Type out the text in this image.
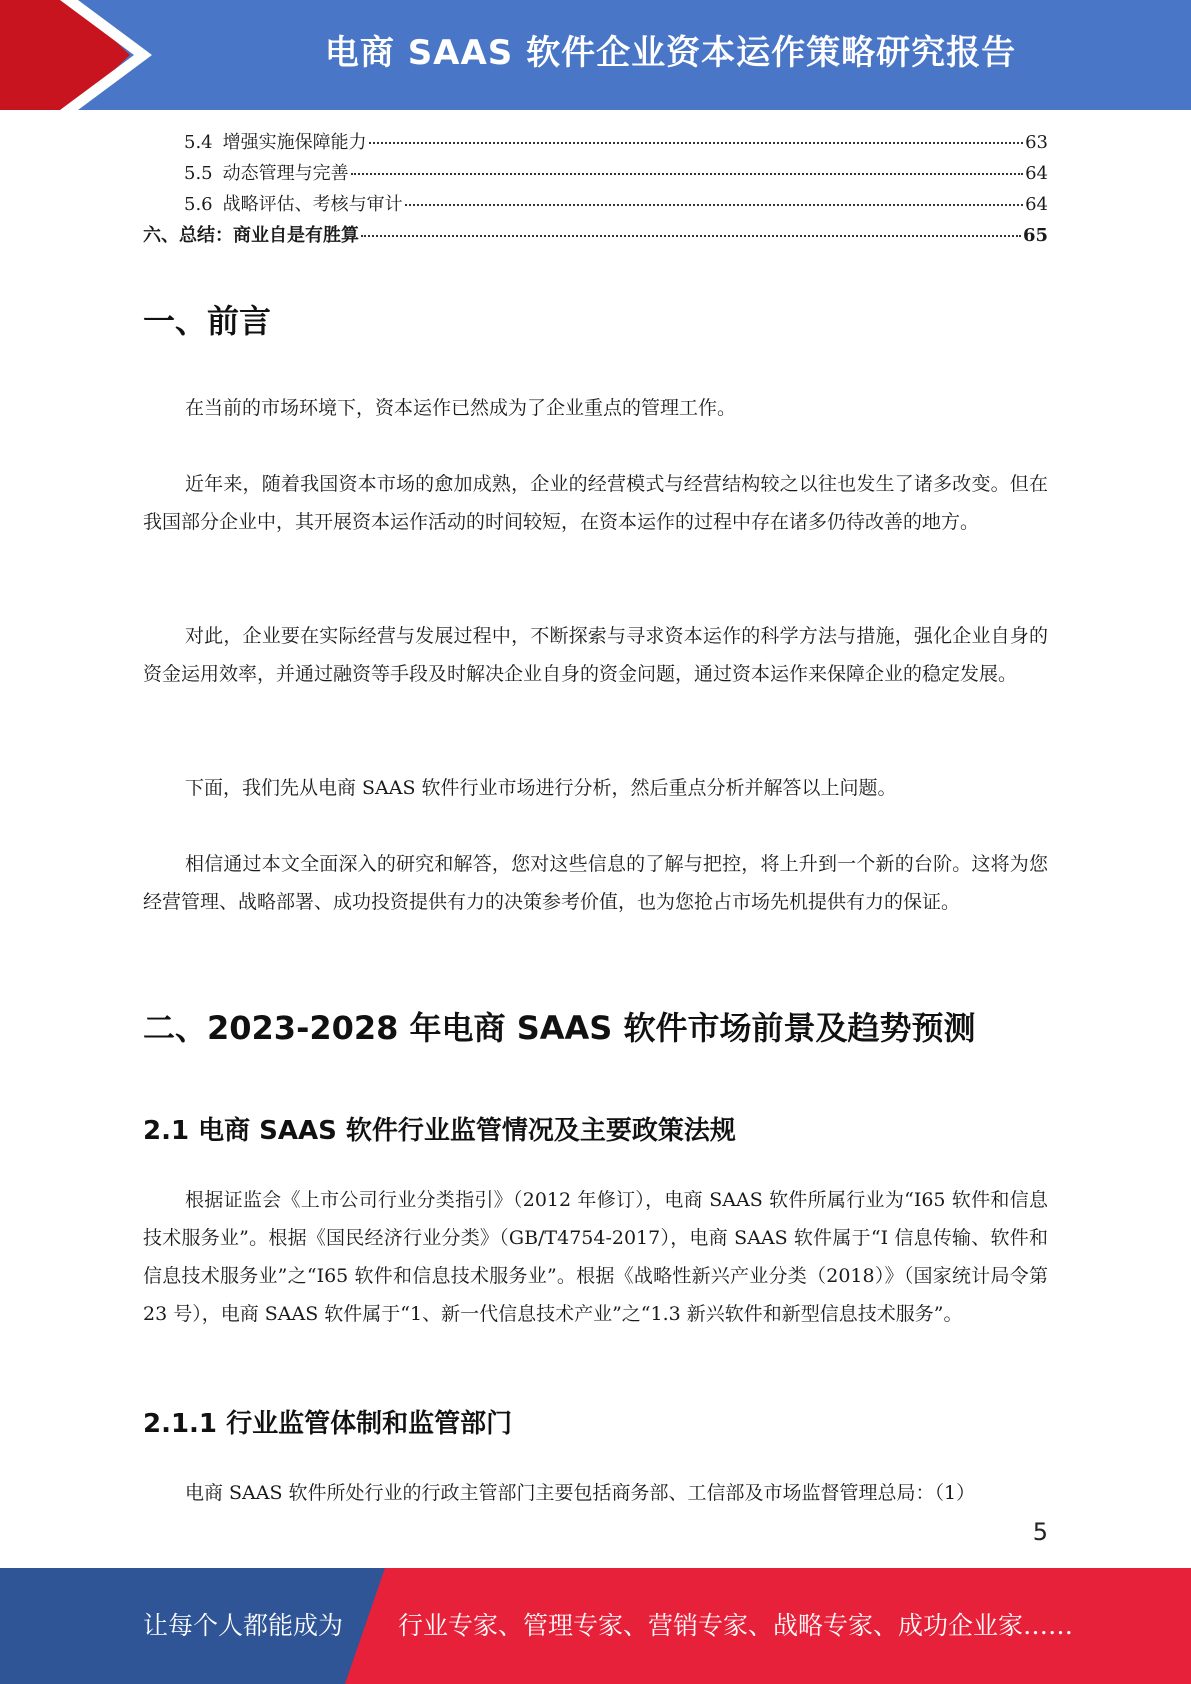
电商 SAAS 软件企业资本运作策略研究报告
5.4 增强实施保障能力	63
5.5 动态管理与完善	64
5.6 战略评估、考核与审计	64
六、总结：商业自是有胜算	65
一、前言

在当前的市场环境下，资本运作已然成为了企业重点的管理工作。

近年来，随着我国资本市场的愈加成熟，企业的经营模式与经营结构较之以往也发生了诸多改变。但在我国部分企业中，其开展资本运作活动的时间较短，在资本运作的过程中存在诸多仍待改善的地方。

对此，企业要在实际经营与发展过程中，不断探索与寻求资本运作的科学方法与措施，强化企业自身的资金运用效率，并通过融资等手段及时解决企业自身的资金问题，通过资本运作来保障企业的稳定发展。

下面，我们先从电商 SAAS 软件行业市场进行分析，然后重点分析并解答以上问题。

相信通过本文全面深入的研究和解答，您对这些信息的了解与把控，将上升到一个新的台阶。这将为您经营管理、战略部署、成功投资提供有力的决策参考价值，也为您抢占市场先机提供有力的保证。

二、2023-2028 年电商 SAAS 软件市场前景及趋势预测
2.1 电商 SAAS 软件行业监管情况及主要政策法规

根据证监会《上市公司行业分类指引》（2012 年修订），电商 SAAS 软件所属行业为“I65 软件和信息技术服务业”。根据《国民经济行业分类》（GB/T4754-2017），电商 SAAS 软件属于“I 信息传输、软件和信息技术服务业”之“I65 软件和信息技术服务业”。根据《战略性新兴产业分类（2018）》（国家统计局令第 23 号），电商 SAAS 软件属于“1、新一代信息技术产业”之“1.3 新兴软件和新型信息技术服务”。

2.1.1 行业监管体制和监管部门

电商 SAAS 软件所处行业的行政主管部门主要包括商务部、工信部及市场监督管理总局：（1）

5
让每个人都能成为 行业专家、管理专家、营销专家、战略专家、成功企业家……
